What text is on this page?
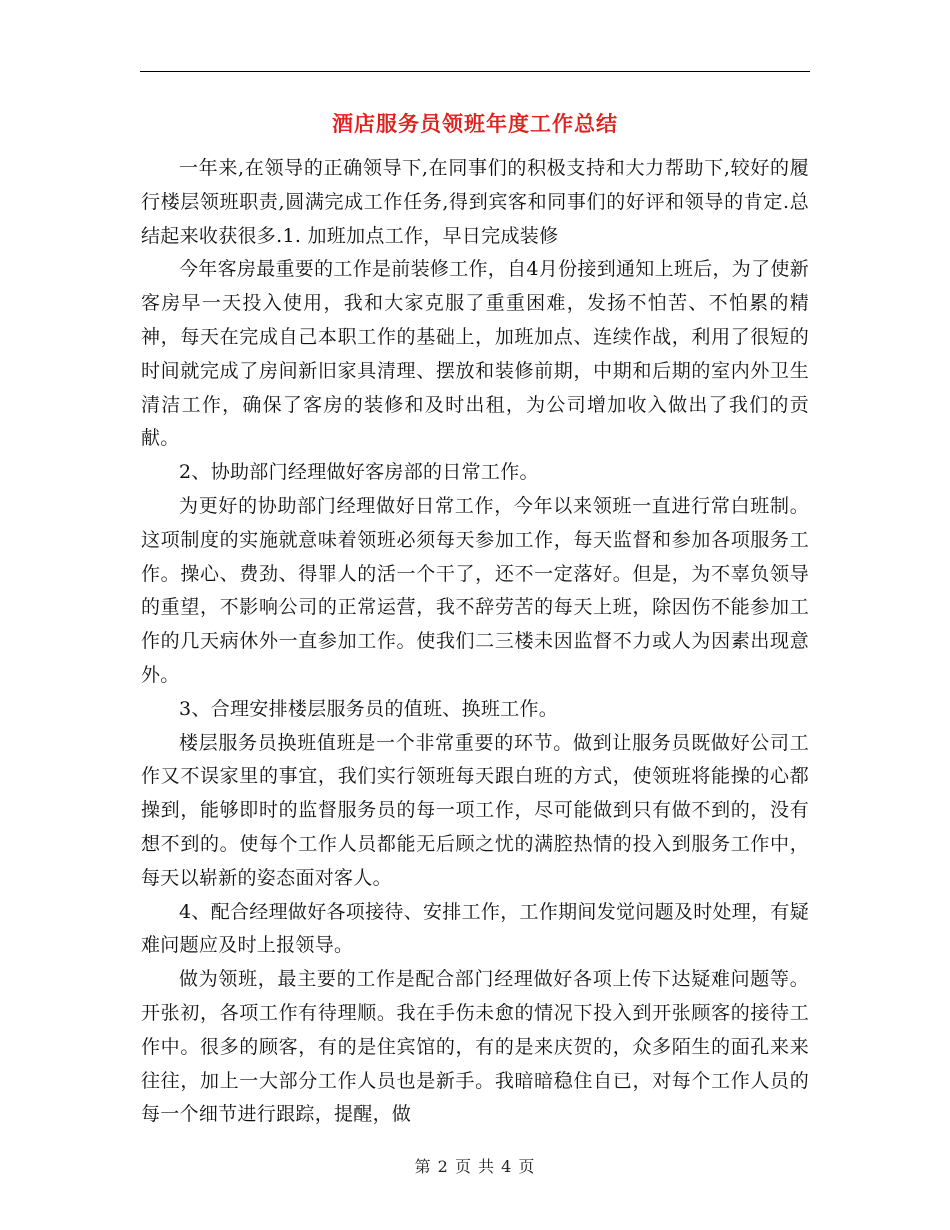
酒店服务员领班年度工作总结

一年来,在领导的正确领导下,在同事们的积极支持和大力帮助下,较好的履行楼层领班职责,圆满完成工作任务,得到宾客和同事们的好评和领导的肯定.总结起来收获很多.1. 加班加点工作，早日完成装修

今年客房最重要的工作是前装修工作，自4月份接到通知上班后，为了使新客房早一天投入使用，我和大家克服了重重困难，发扬不怕苦、不怕累的精神，每天在完成自己本职工作的基础上，加班加点、连续作战，利用了很短的时间就完成了房间新旧家具清理、摆放和装修前期，中期和后期的室内外卫生清洁工作，确保了客房的装修和及时出租，为公司增加收入做出了我们的贡献。

2、协助部门经理做好客房部的日常工作。

为更好的协助部门经理做好日常工作，今年以来领班一直进行常白班制。这项制度的实施就意味着领班必须每天参加工作，每天监督和参加各项服务工作。操心、费劲、得罪人的活一个干了，还不一定落好。但是，为不辜负领导的重望，不影响公司的正常运营，我不辞劳苦的每天上班，除因伤不能参加工作的几天病休外一直参加工作。使我们二三楼未因监督不力或人为因素出现意外。

3、合理安排楼层服务员的值班、换班工作。

楼层服务员换班值班是一个非常重要的环节。做到让服务员既做好公司工作又不误家里的事宜，我们实行领班每天跟白班的方式，使领班将能操的心都操到，能够即时的监督服务员的每一项工作，尽可能做到只有做不到的，没有想不到的。使每个工作人员都能无后顾之忧的满腔热情的投入到服务工作中，每天以崭新的姿态面对客人。

4、配合经理做好各项接待、安排工作，工作期间发觉问题及时处理，有疑难问题应及时上报领导。

做为领班，最主要的工作是配合部门经理做好各项上传下达疑难问题等。开张初，各项工作有待理顺。我在手伤未愈的情况下投入到开张顾客的接待工作中。很多的顾客，有的是住宾馆的，有的是来庆贺的，众多陌生的面孔来来往往，加上一大部分工作人员也是新手。我暗暗稳住自已，对每个工作人员的每一个细节进行跟踪，提醒，做

第 2 页 共 4 页
